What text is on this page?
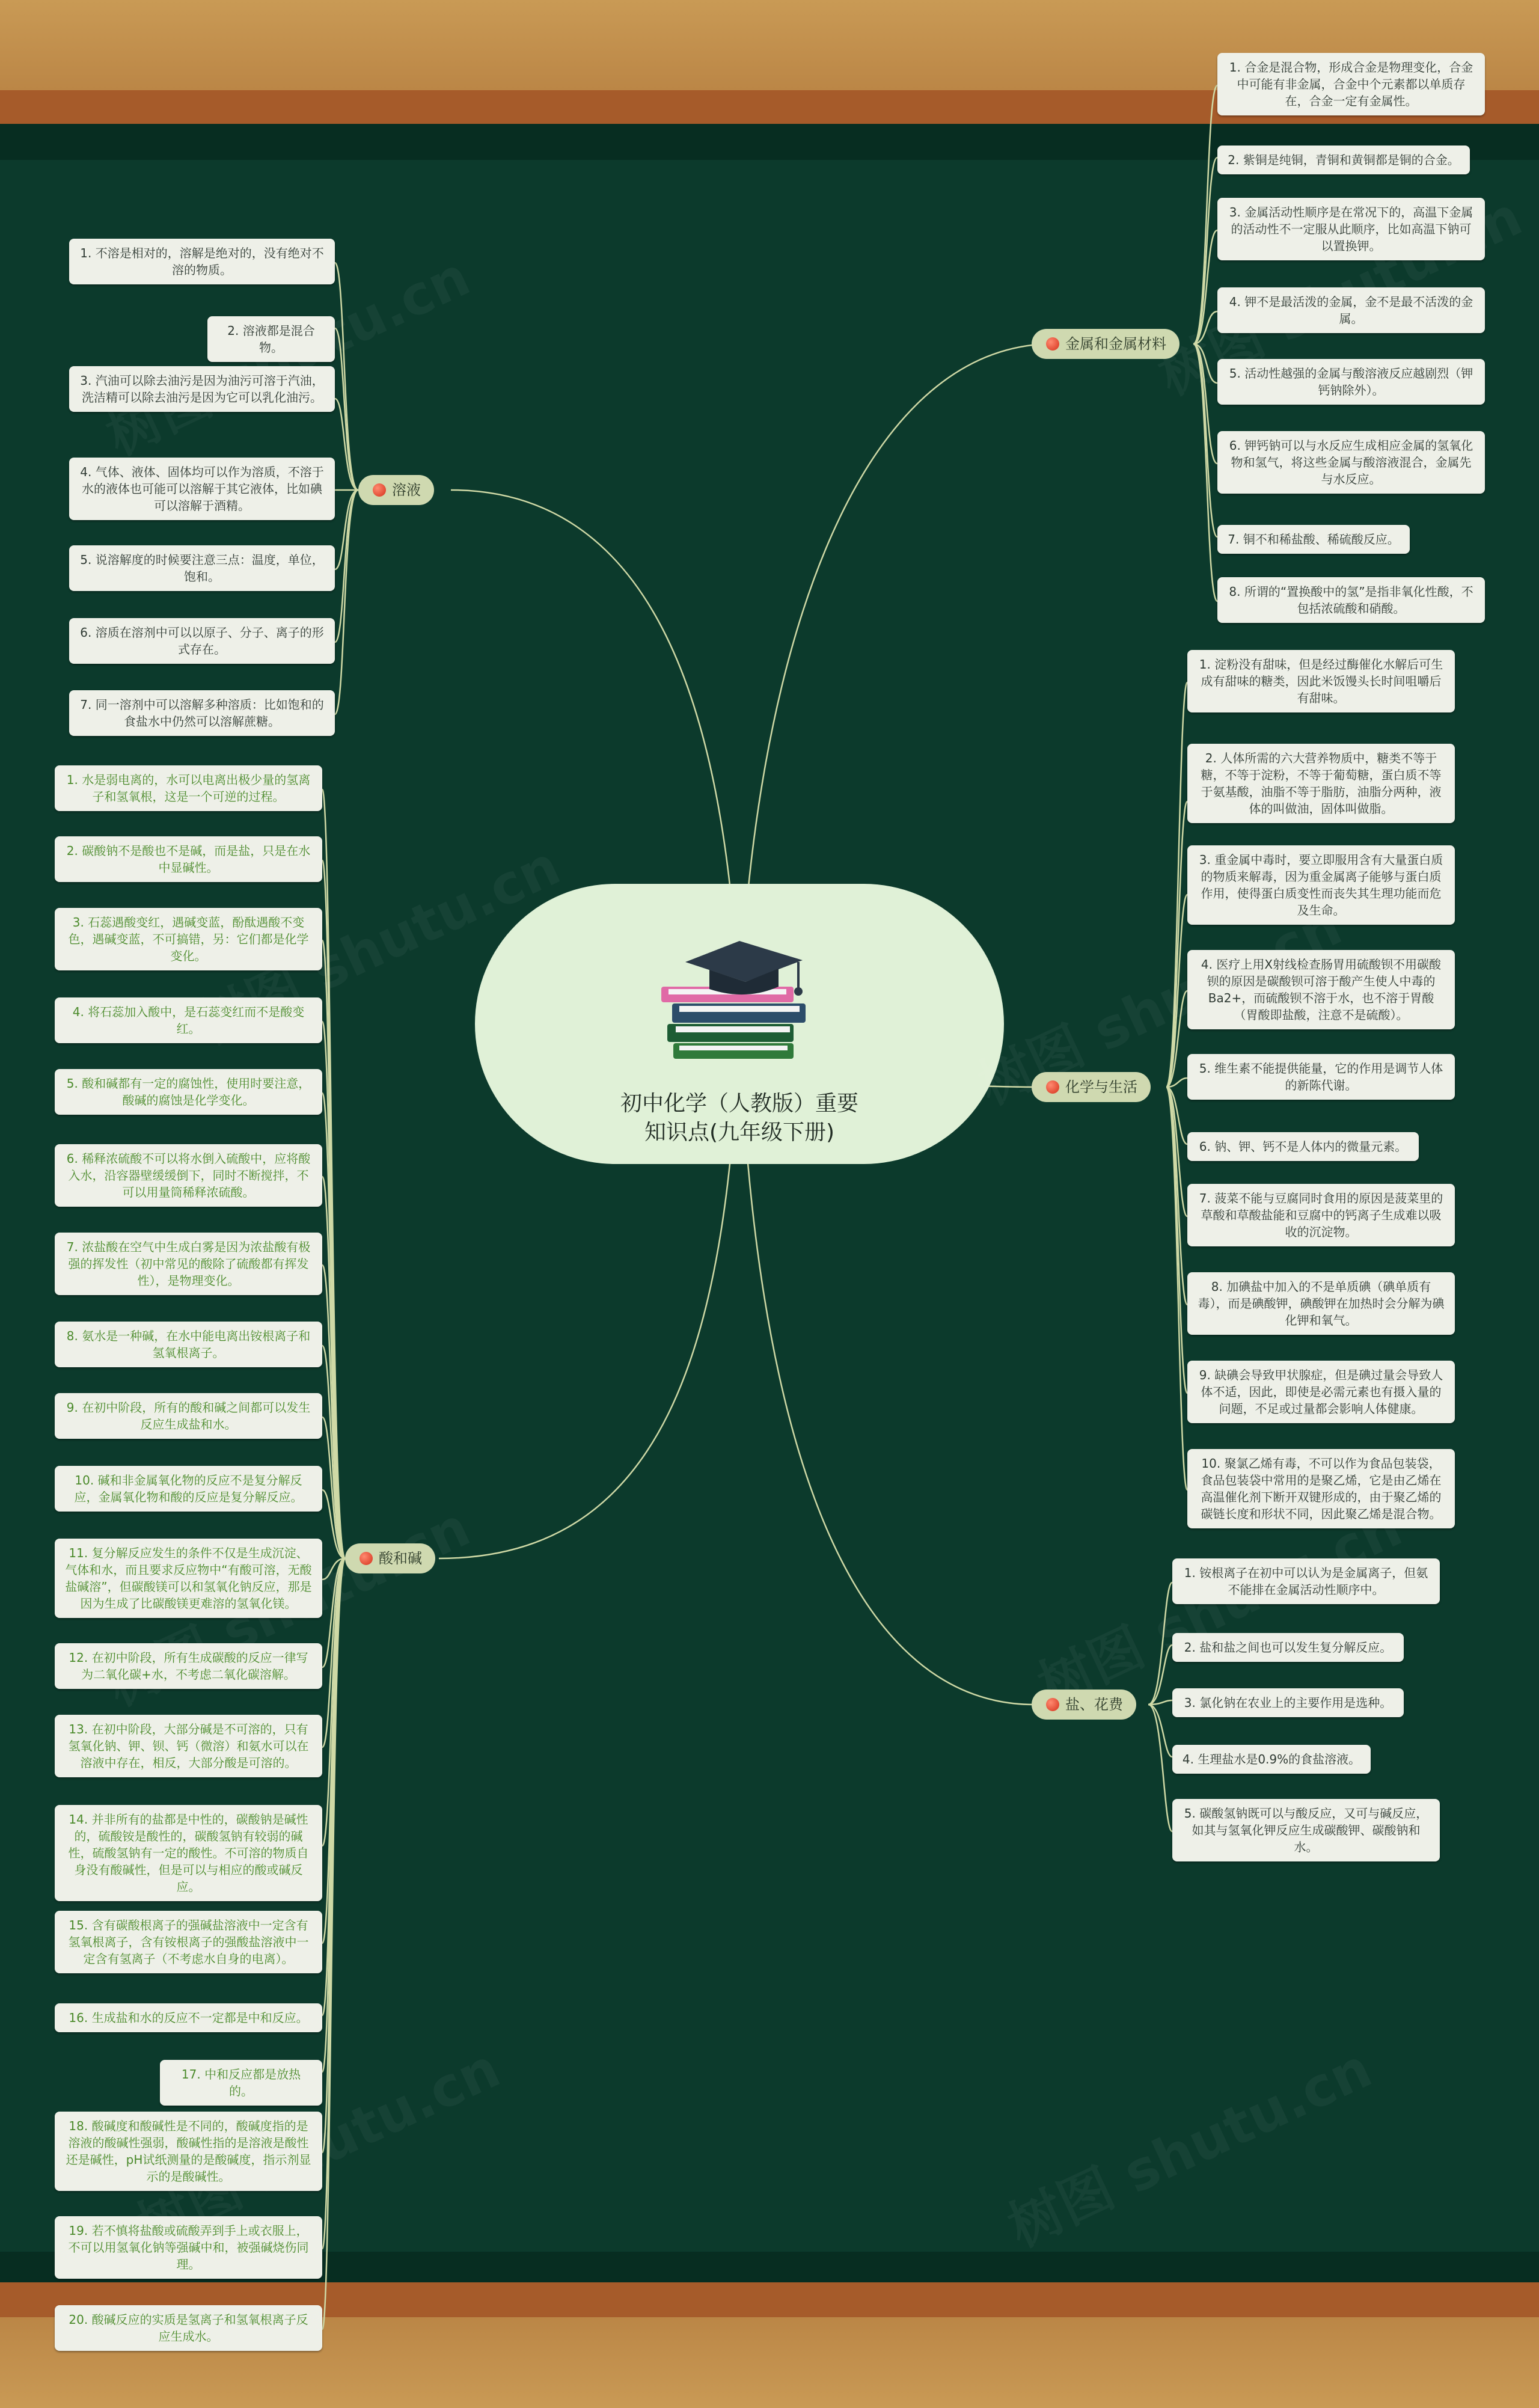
初中化学（人教版）重要
知识点(九年级下册)
金属和金属材料
溶液
化学与生活
酸和碱
盐、花费
1. 不溶是相对的，溶解是绝对的，没有绝对不溶的物质。
2. 溶液都是混合物。
3. 汽油可以除去油污是因为油污可溶于汽油，洗洁精可以除去油污是因为它可以乳化油污。
4. 气体、液体、固体均可以作为溶质，不溶于水的液体也可能可以溶解于其它液体，比如碘可以溶解于酒精。
5. 说溶解度的时候要注意三点：温度，单位，饱和。
6. 溶质在溶剂中可以以原子、分子、离子的形式存在。
7. 同一溶剂中可以溶解多种溶质：比如饱和的食盐水中仍然可以溶解蔗糖。
1. 合金是混合物，形成合金是物理变化，合金中可能有非金属，合金中个元素都以单质存在，合金一定有金属性。
2. 紫铜是纯铜，青铜和黄铜都是铜的合金。
3. 金属活动性顺序是在常况下的，高温下金属的活动性不一定服从此顺序，比如高温下钠可以置换钾。
4. 钾不是最活泼的金属，金不是最不活泼的金属。
5. 活动性越强的金属与酸溶液反应越剧烈（钾钙钠除外）。
6. 钾钙钠可以与水反应生成相应金属的氢氧化物和氢气，将这些金属与酸溶液混合，金属先与水反应。
7. 铜不和稀盐酸、稀硫酸反应。
8. 所谓的“置换酸中的氢”是指非氧化性酸，不包括浓硫酸和硝酸。
1. 淀粉没有甜味，但是经过酶催化水解后可生成有甜味的糖类，因此米饭馒头长时间咀嚼后有甜味。
2. 人体所需的六大营养物质中，糖类不等于糖，不等于淀粉，不等于葡萄糖，蛋白质不等于氨基酸，油脂不等于脂肪，油脂分两种，液体的叫做油，固体叫做脂。
3. 重金属中毒时，要立即服用含有大量蛋白质的物质来解毒，因为重金属离子能够与蛋白质作用，使得蛋白质变性而丧失其生理功能而危及生命。
4. 医疗上用X射线检查肠胃用硫酸钡不用碳酸钡的原因是碳酸钡可溶于酸产生使人中毒的Ba2+，而硫酸钡不溶于水，也不溶于胃酸（胃酸即盐酸，注意不是硫酸）。
5. 维生素不能提供能量，它的作用是调节人体的新陈代谢。
6. 钠、钾、钙不是人体内的微量元素。
7. 菠菜不能与豆腐同时食用的原因是菠菜里的草酸和草酸盐能和豆腐中的钙离子生成难以吸收的沉淀物。
8. 加碘盐中加入的不是单质碘（碘单质有毒），而是碘酸钾，碘酸钾在加热时会分解为碘化钾和氧气。
9. 缺碘会导致甲状腺症，但是碘过量会导致人体不适，因此，即使是必需元素也有摄入量的问题，不足或过量都会影响人体健康。
10. 聚氯乙烯有毒，不可以作为食品包装袋，食品包装袋中常用的是聚乙烯，它是由乙烯在高温催化剂下断开双键形成的，由于聚乙烯的碳链长度和形状不同，因此聚乙烯是混合物。
1. 铵根离子在初中可以认为是金属离子，但氨不能排在金属活动性顺序中。
2. 盐和盐之间也可以发生复分解反应。
3. 氯化钠在农业上的主要作用是选种。
4. 生理盐水是0.9%的食盐溶液。
5. 碳酸氢钠既可以与酸反应，又可与碱反应，如其与氢氧化钾反应生成碳酸钾、碳酸钠和水。
1. 水是弱电离的，水可以电离出极少量的氢离子和氢氧根，这是一个可逆的过程。
2. 碳酸钠不是酸也不是碱，而是盐，只是在水中显碱性。
3. 石蕊遇酸变红，遇碱变蓝，酚酞遇酸不变色，遇碱变蓝，不可搞错，另：它们都是化学变化。
4. 将石蕊加入酸中，是石蕊变红而不是酸变红。
5. 酸和碱都有一定的腐蚀性，使用时要注意，酸碱的腐蚀是化学变化。
6. 稀释浓硫酸不可以将水倒入硫酸中，应将酸入水，沿容器壁缓缓倒下，同时不断搅拌，不可以用量筒稀释浓硫酸。
7. 浓盐酸在空气中生成白雾是因为浓盐酸有极强的挥发性（初中常见的酸除了硫酸都有挥发性），是物理变化。
8. 氨水是一种碱，在水中能电离出铵根离子和氢氧根离子。
9. 在初中阶段，所有的酸和碱之间都可以发生反应生成盐和水。
10. 碱和非金属氧化物的反应不是复分解反应，金属氧化物和酸的反应是复分解反应。
11. 复分解反应发生的条件不仅是生成沉淀、气体和水，而且要求反应物中“有酸可溶，无酸盐碱溶”，但碳酸镁可以和氢氧化钠反应，那是因为生成了比碳酸镁更难溶的氢氧化镁。
12. 在初中阶段，所有生成碳酸的反应一律写为二氧化碳+水，不考虑二氧化碳溶解。
13. 在初中阶段，大部分碱是不可溶的，只有氢氧化钠、钾、钡、钙（微溶）和氨水可以在溶液中存在，相反，大部分酸是可溶的。
14. 并非所有的盐都是中性的，碳酸钠是碱性的，硫酸铵是酸性的，碳酸氢钠有较弱的碱性，硫酸氢钠有一定的酸性。不可溶的物质自身没有酸碱性，但是可以与相应的酸或碱反应。
15. 含有碳酸根离子的强碱盐溶液中一定含有氢氧根离子，含有铵根离子的强酸盐溶液中一定含有氢离子（不考虑水自身的电离）。
16. 生成盐和水的反应不一定都是中和反应。
17. 中和反应都是放热的。
18. 酸碱度和酸碱性是不同的，酸碱度指的是溶液的酸碱性强弱，酸碱性指的是溶液是酸性还是碱性，pH试纸测量的是酸碱度，指示剂显示的是酸碱性。
19. 若不慎将盐酸或硫酸弄到手上或衣服上，不可以用氢氧化钠等强碱中和，被强碱烧伤同理。
20. 酸碱反应的实质是氢离子和氢氧根离子反应生成水。
